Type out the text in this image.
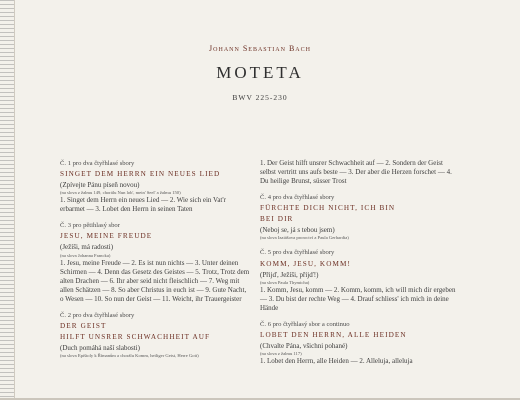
Johann Sebastian Bach
MOTETA
BWV 225-230
Č. 1 pro dva čtyřhlasé sbory
SINGET DEM HERRN EIN NEUES LIED
(Zpívejte Pánu píseň novou)
(na slova z žalmu 149, chorálu Nun lob', mein' Seel' a žalmu 150)
1. Singet dem Herrn ein neues Lied — 2. Wie sich ein Vat'r erbarmet — 3. Lobet den Herrn in seinen Taten
Č. 3 pro pětihlasý sbor
JESU, MEINE FREUDE
(Ježíši, má radosti)
(na slova Johanna Francka)
1. Jesu, meine Freude — 2. Es ist nun nichts — 3. Unter deinen Schirmen — 4. Denn das Gesetz des Geistes — 5. Trotz, Trotz dem alten Drachen — 6. Ihr aber seid nicht fleischlich — 7. Weg mit allen Schätzen — 8. So aber Christus in euch ist — 9. Gute Nacht, o Wesen — 10. So nun der Geist — 11. Weicht, ihr Trauergeister
Č. 2 pro dva čtyřhlasé sbory
DER GEIST
HILFT UNSRER SCHWACHHEIT AUF
(Duch pomáhá naší slabosti)
(na slova Epištoly k Římanům a chorálu Komm, heiliger Geist, Herre Gott)
1. Der Geist hilft unsrer Schwachheit auf — 2. Sondern der Geist selbst vertritt uns aufs beste — 3. Der aber die Herzen forschet — 4. Du heilige Brunst, süsser Trost
Č. 4 pro dva čtyřhlasé sbory
FÜRCHTE DICH NICHT, ICH BIN
BEI DIR
(Neboj se, já s tebou jsem)
(na slova Izaiášova proroctví a Paula Gerhardta)
Č. 5 pro dva čtyřhlasé sbory
KOMM, JESU, KOMM!
(Přijď, Ježíši, přijď!)
(na slova Paula Thymicha)
1. Komm, Jesu, komm — 2. Komm, komm, ich will mich dir ergeben — 3. Du bist der rechte Weg — 4. Drauf schliess' ich mich in deine Hände
Č. 6 pro čtyřhlasý sbor a continuo
LOBET DEN HERRN, ALLE HEIDEN
(Chvalte Pána, všichni pohané)
(na slova z žalmu 117)
1. Lobet den Herrn, alle Heiden — 2. Alleluja, alleluja
